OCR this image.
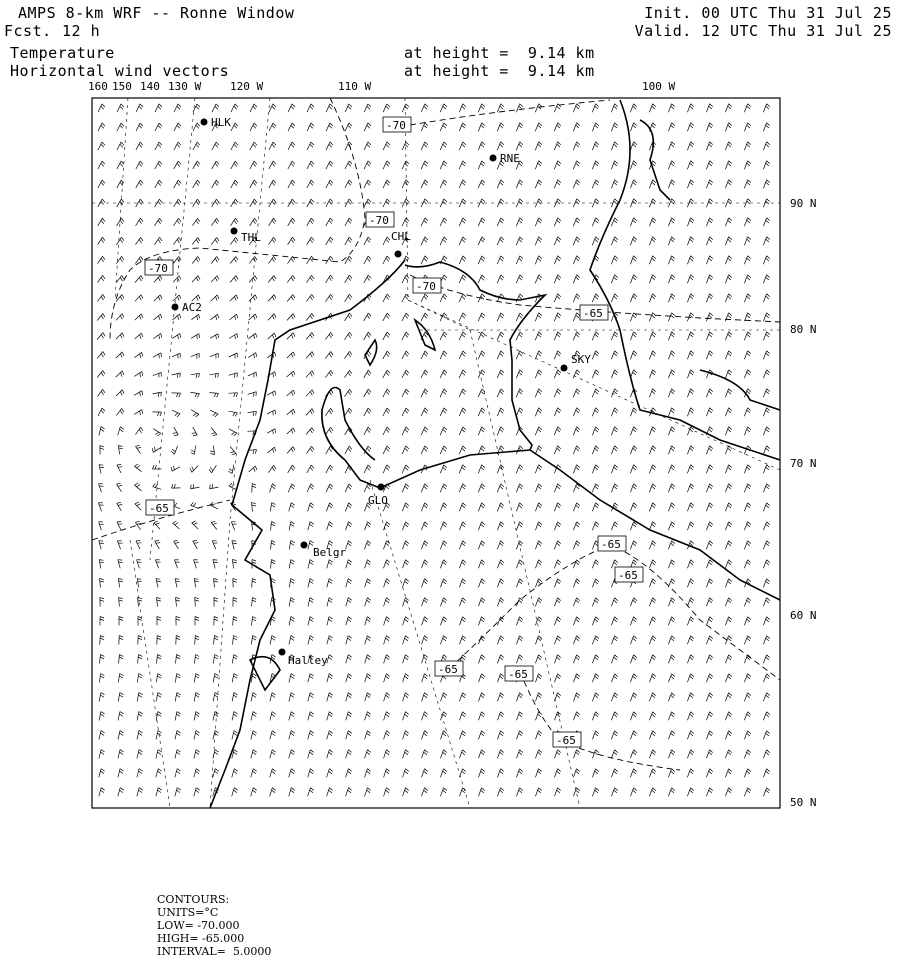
AMPS 8-km WRF -- Ronne Window	Init. 00 UTC Thu 31 Jul 25
Fcst. 12 h	Valid. 12 UTC Thu 31 Jul 25
Temperature	at height =  9.14 km
Horizontal wind vectors	at height =  9.14 km
160 150 140 130 W	120 W	110 W	100 W
90 N
80 N
70 N
60 N
50 N
HLK
RNE
THL	CHL
AC2
SKY
GLO
Belgr
Halley
-70
-70
-70
-70
-65
-65
-65
-65
-65	-65
-65

CONTOURS:
UNITS=°C
LOW= -70.000
HIGH= -65.000
INTERVAL=  5.0000
